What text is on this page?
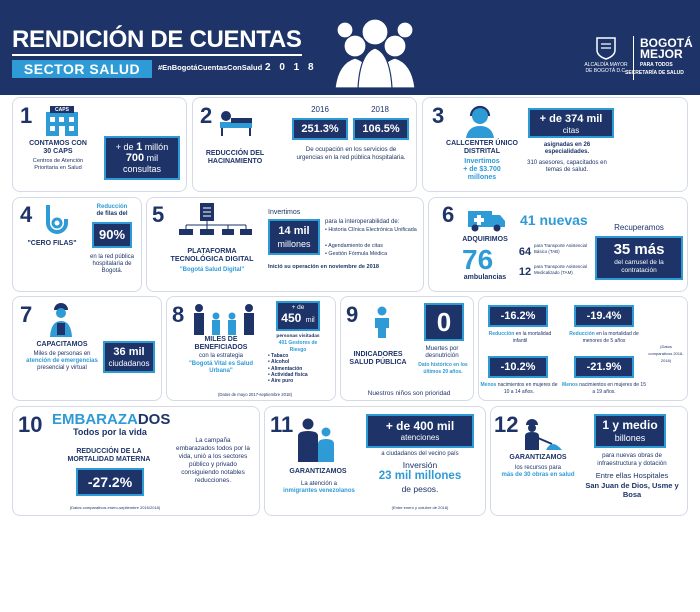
RENDICIÓN DE CUENTAS
SECTOR SALUD	#EnBogotáCuentasConSalud 2 0 1 8	ALCALDÍA MAYOR DE BOGOTÁ D.C.
BOGOTÁ
MEJOR
PARA TODOS
SECRETARÍA DE SALUD
1	CAPS
CONTAMOS CON 30 CAPS
Centros de Atención Prioritaria en Salud
+ de 1 millón
700 mil
consultas
2
REDUCCIÓN DEL HACINAMIENTO
2016	2018
251.3%	106.5%
De ocupación en los servicios de urgencias en la red pública hospitalaria.
3
CALLCENTER ÚNICO DISTRITAL
Invertimos
+ de $3.700
millones
+ de 374 mil
citas
asignadas en 26 especialidades.
310 asesores, capacitados en temas de salud.
4
"CERO FILAS"
Reducción
de filas del
90%
en la red pública hospitalaria de Bogotá.
5
PLATAFORMA TECNOLÓGICA DIGITAL
"Bogotá Salud Digital"
Invertimos
14 mil
millones
para la interoperabilidad de:
• Historia Clínica Electrónica Unificada
• Agendamiento de citas
• Gestión Fórmula Médica
Inició su operación en noviembre de 2018
6	41 nuevas
ADQUIRIMOS
76
ambulancias
64
para Transporte Asistencial Básico (TAB)
12 para Transporte Asistencial Medicalizado (TAM)
Recuperamos
35 más
del carrusel de la contratación
7
CAPACITAMOS
Miles de personas en
atención de emergencias
presencial y virtual
36 mil
ciudadanos
8
MILES DE BENEFICIADOS
con la estrategia
"Bogotá Vital es Salud Urbana"
+ de
450 mil
personas visitadas
401 Gestores de Riesgo
• Tabaco
• Alcohol
• Alimentación
• Actividad física
• Aire puro
(Datos de mayo 2017-septiembre 2018)
9
INDICADORES SALUD PÚBLICA
0
Muertes por desnutrición
Dato histórico en los últimos 20 años.
Nuestros niños son prioridad
-16.2%
Reducción en la mortalidad infantil
-19.4%
Reducción en la mortalidad de menores de 5 años
(Datos comparativos 2016-2018)
-10.2%
Menos nacimientos en mujeres de 10 a 14 años.
-21.9%
Menos nacimientos en mujeres de 15 a 19 años.
10 EMBARAZADOS
Todos por la vida
REDUCCIÓN DE LA MORTALIDAD MATERNA
-27.2%
La campaña embarazados todos por la vida, unió a los sectores público y privado consiguiendo notables reducciones.
(Datos comparativos enero-septiembre 2016/2018)
11
GARANTIZAMOS
La atención a
inmigrantes venezolanos
+ de 400 mil
atenciones
a ciudadanos del vecino país
Inversión
23 mil millones
de pesos.
(Entre enero y octubre de 2018)
12
GARANTIZAMOS
los recursos para
más de 30 obras en salud
1 y medio
billones
para nuevas obras de infraestructura y dotación
Entre ellas Hospitales
San Juan de Dios, Usme y Bosa
